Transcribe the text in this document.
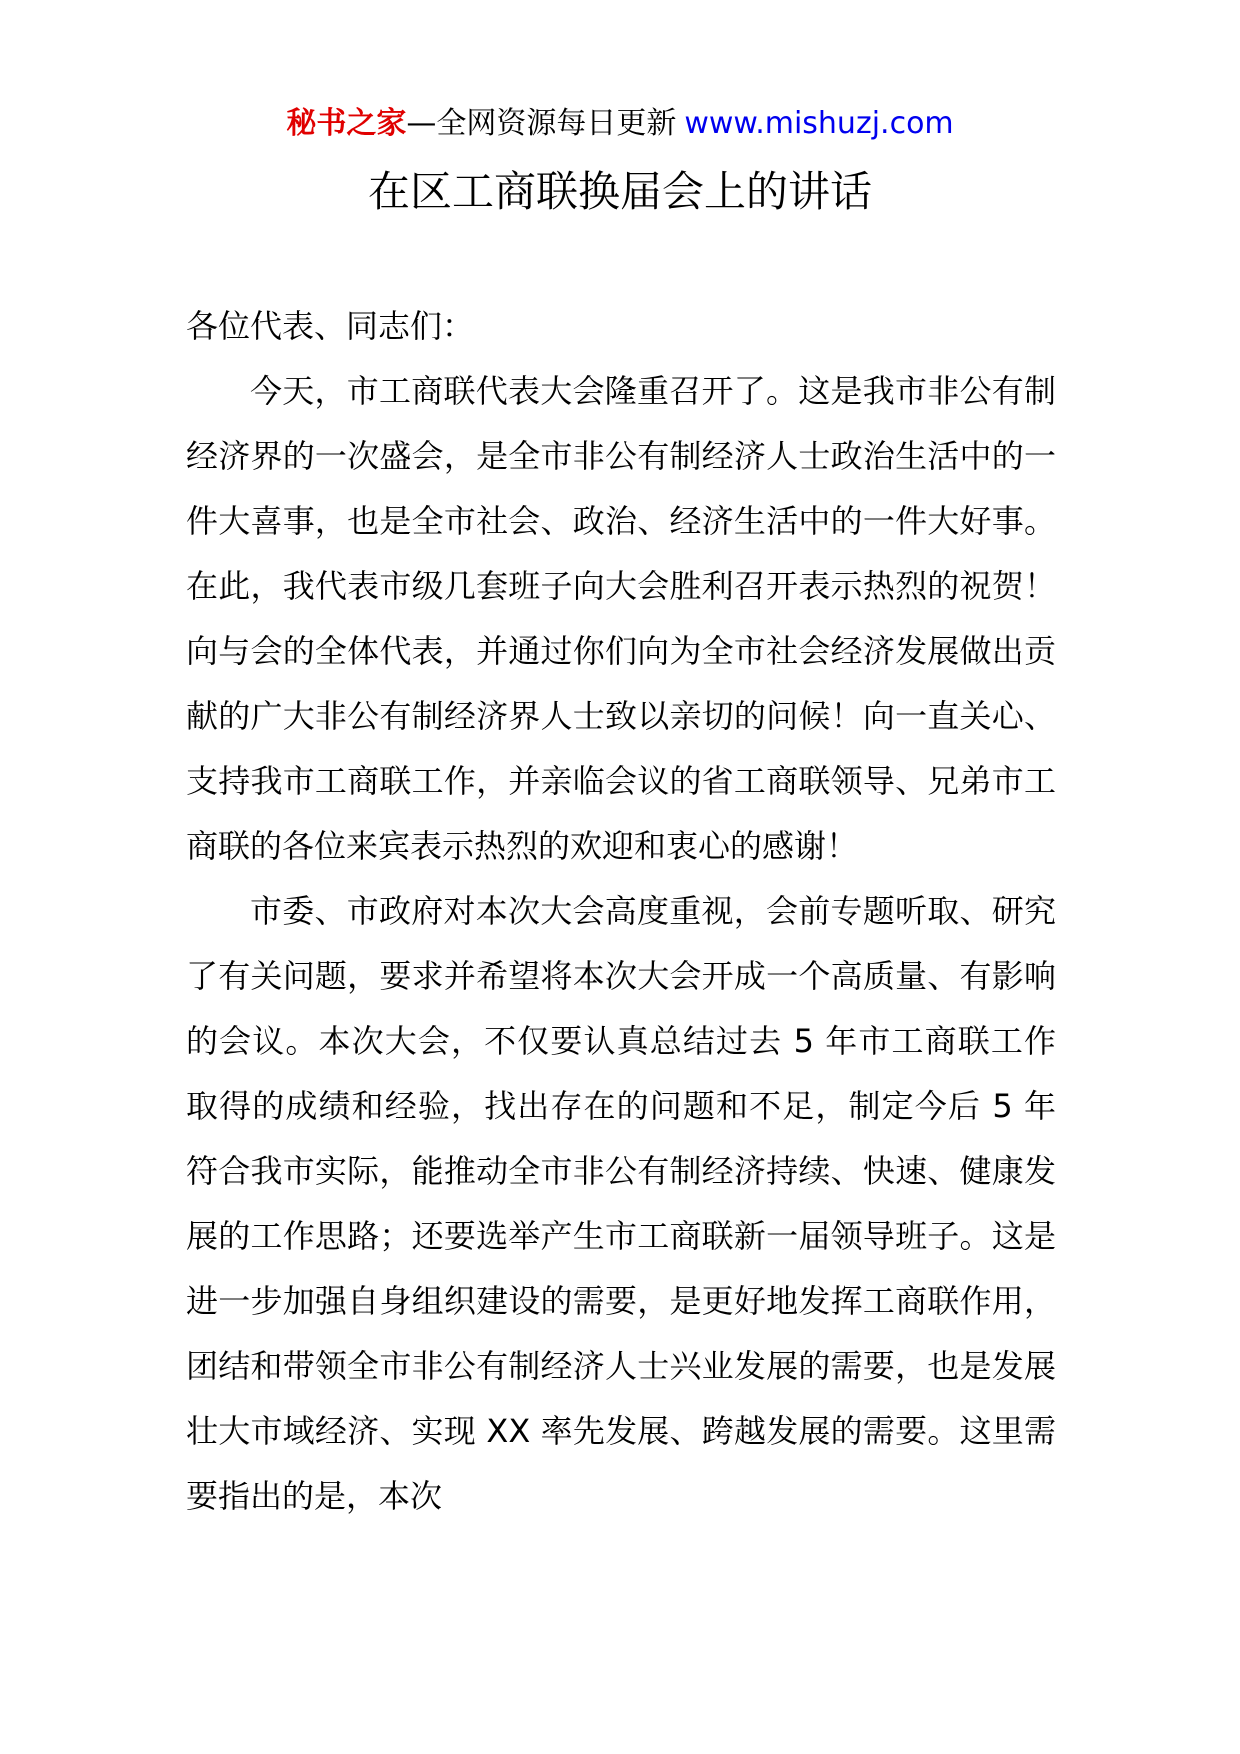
秘书之家—全网资源每日更新 www.mishuzj.com
在区工商联换届会上的讲话

各位代表、同志们：

今天，市工商联代表大会隆重召开了。这是我市非公有制经济界的一次盛会，是全市非公有制经济人士政治生活中的一件大喜事，也是全市社会、政治、经济生活中的一件大好事。在此，我代表市级几套班子向大会胜利召开表示热烈的祝贺！向与会的全体代表，并通过你们向为全市社会经济发展做出贡献的广大非公有制经济界人士致以亲切的问候！向一直关心、支持我市工商联工作，并亲临会议的省工商联领导、兄弟市工商联的各位来宾表示热烈的欢迎和衷心的感谢！

市委、市政府对本次大会高度重视，会前专题听取、研究了有关问题，要求并希望将本次大会开成一个高质量、有影响的会议。本次大会，不仅要认真总结过去 5 年市工商联工作取得的成绩和经验，找出存在的问题和不足，制定今后 5 年符合我市实际，能推动全市非公有制经济持续、快速、健康发展的工作思路；还要选举产生市工商联新一届领导班子。这是进一步加强自身组织建设的需要，是更好地发挥工商联作用，团结和带领全市非公有制经济人士兴业发展的需要，也是发展壮大市域经济、实现 XX 率先发展、跨越发展的需要。这里需要指出的是，本次
